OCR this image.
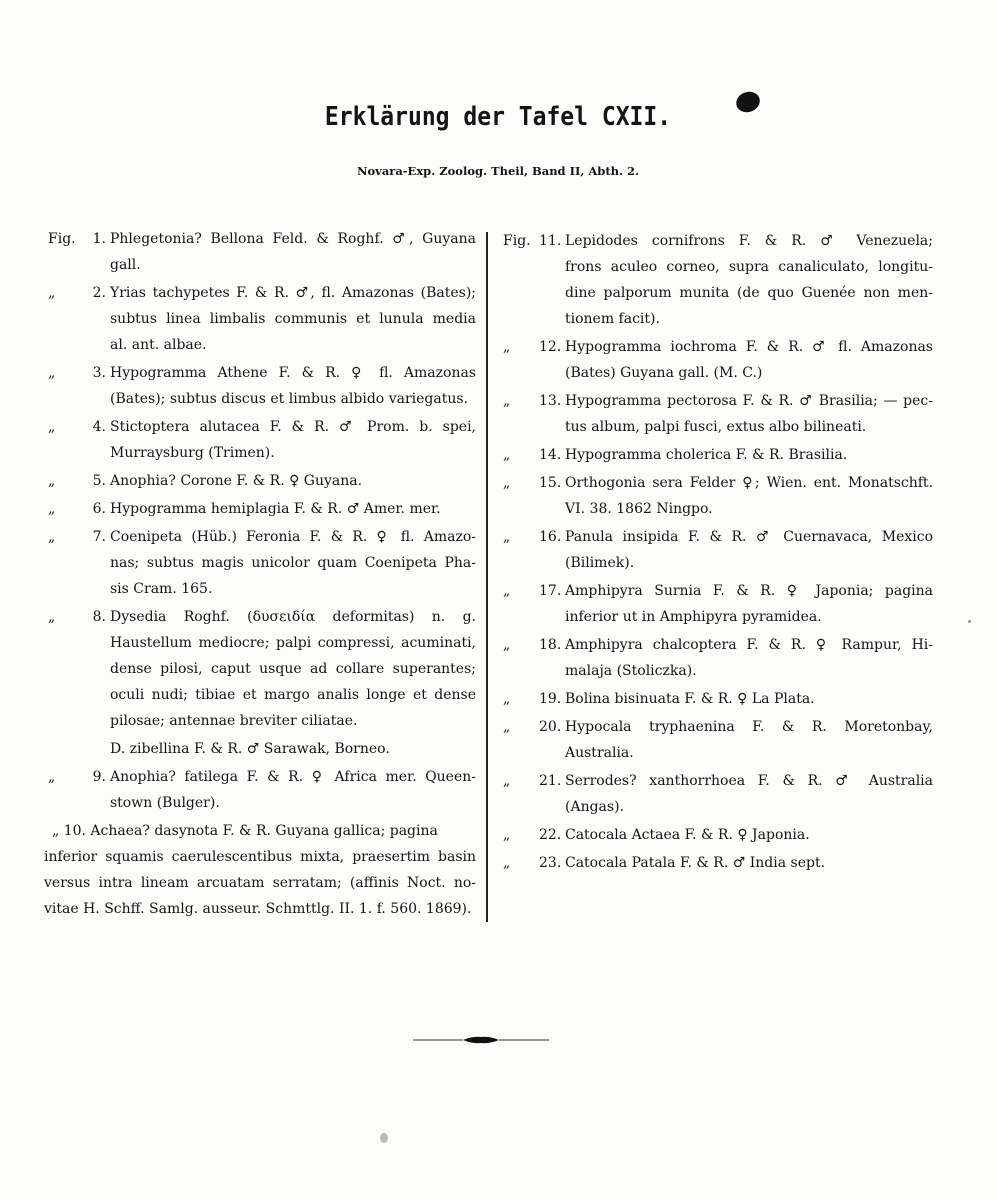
Erklärung der Tafel CXII.
Novara-Exp. Zoolog. Theil, Band II, Abth. 2.
Fig. 1. Phlegetonia? Bellona Feld. & Roghf. ♂, Guyana
gall.
„	2. Yrias tachypetes F. & R. ♂, fl. Amazonas (Bates);
subtus linea limbalis communis et lunula media
al. ant. albae.
„	3. Hypogramma Athene F. & R. ♀ fl. Amazonas
(Bates); subtus discus et limbus albido variegatus.
„	4. Stictoptera alutacea F. & R. ♂ Prom. b. spei,
Murraysburg (Trimen).
„	5. Anophia? Corone F. & R. ♀ Guyana.
„	6. Hypogramma hemiplagia F. & R. ♂ Amer. mer.
„	7. Coenipeta (Hüb.) Feronia F. & R. ♀ fl. Amazo-
nas; subtus magis unicolor quam Coenipeta Pha-
sis Cram. 165.
„	8. Dysedia Roghf. (δυσειδία deformitas) n. g.
Haustellum mediocre; palpi compressi, acuminati,
dense pilosi, caput usque ad collare superantes;
oculi nudi; tibiae et margo analis longe et dense
pilosae; antennae breviter ciliatae.
D. zibellina F. & R. ♂ Sarawak, Borneo.
„	9. Anophia? fatilega F. & R. ♀ Africa mer. Queen-
stown (Bulger).
„ 10. Achaea? dasynota F. & R. Guyana gallica; pagina
inferior squamis caerulescentibus mixta, praesertim basin
versus intra lineam arcuatam serratam; (affinis Noct. no-
vitae H. Schff. Samlg. ausseur. Schmttlg. II. 1. f. 560. 1869).
Fig. 11. Lepidodes cornifrons F. & R. ♂ Venezuela;
frons aculeo corneo, supra canaliculato, longitu-
dine palporum munita (de quo Guenée non men-
tionem facit).
„ 12. Hypogramma iochroma F. & R. ♂ fl. Amazonas
(Bates) Guyana gall. (M. C.)
„ 13. Hypogramma pectorosa F. & R. ♂ Brasilia; — pec-
tus album, palpi fusci, extus albo bilineati.
„ 14. Hypogramma cholerica F. & R. Brasilia.
„ 15. Orthogonia sera Felder ♀; Wien. ent. Monatschft.
VI. 38. 1862 Ningpo.
„ 16. Panula insipida F. & R. ♂ Cuernavaca, Mexico
(Bilimek).
„ 17. Amphipyra Surnia F. & R. ♀ Japonia; pagina
inferior ut in Amphipyra pyramidea.
„ 18. Amphipyra chalcoptera F. & R. ♀ Rampur, Hi-
malaja (Stoliczka).
„ 19. Bolina bisinuata F. & R. ♀ La Plata.
„ 20. Hypocala tryphaenina F. & R. Moretonbay,
Australia.
„ 21. Serrodes? xanthorrhoea F. & R. ♂ Australia
(Angas).
„ 22. Catocala Actaea F. & R. ♀ Japonia.
„ 23. Catocala Patala F. & R. ♂ India sept.
